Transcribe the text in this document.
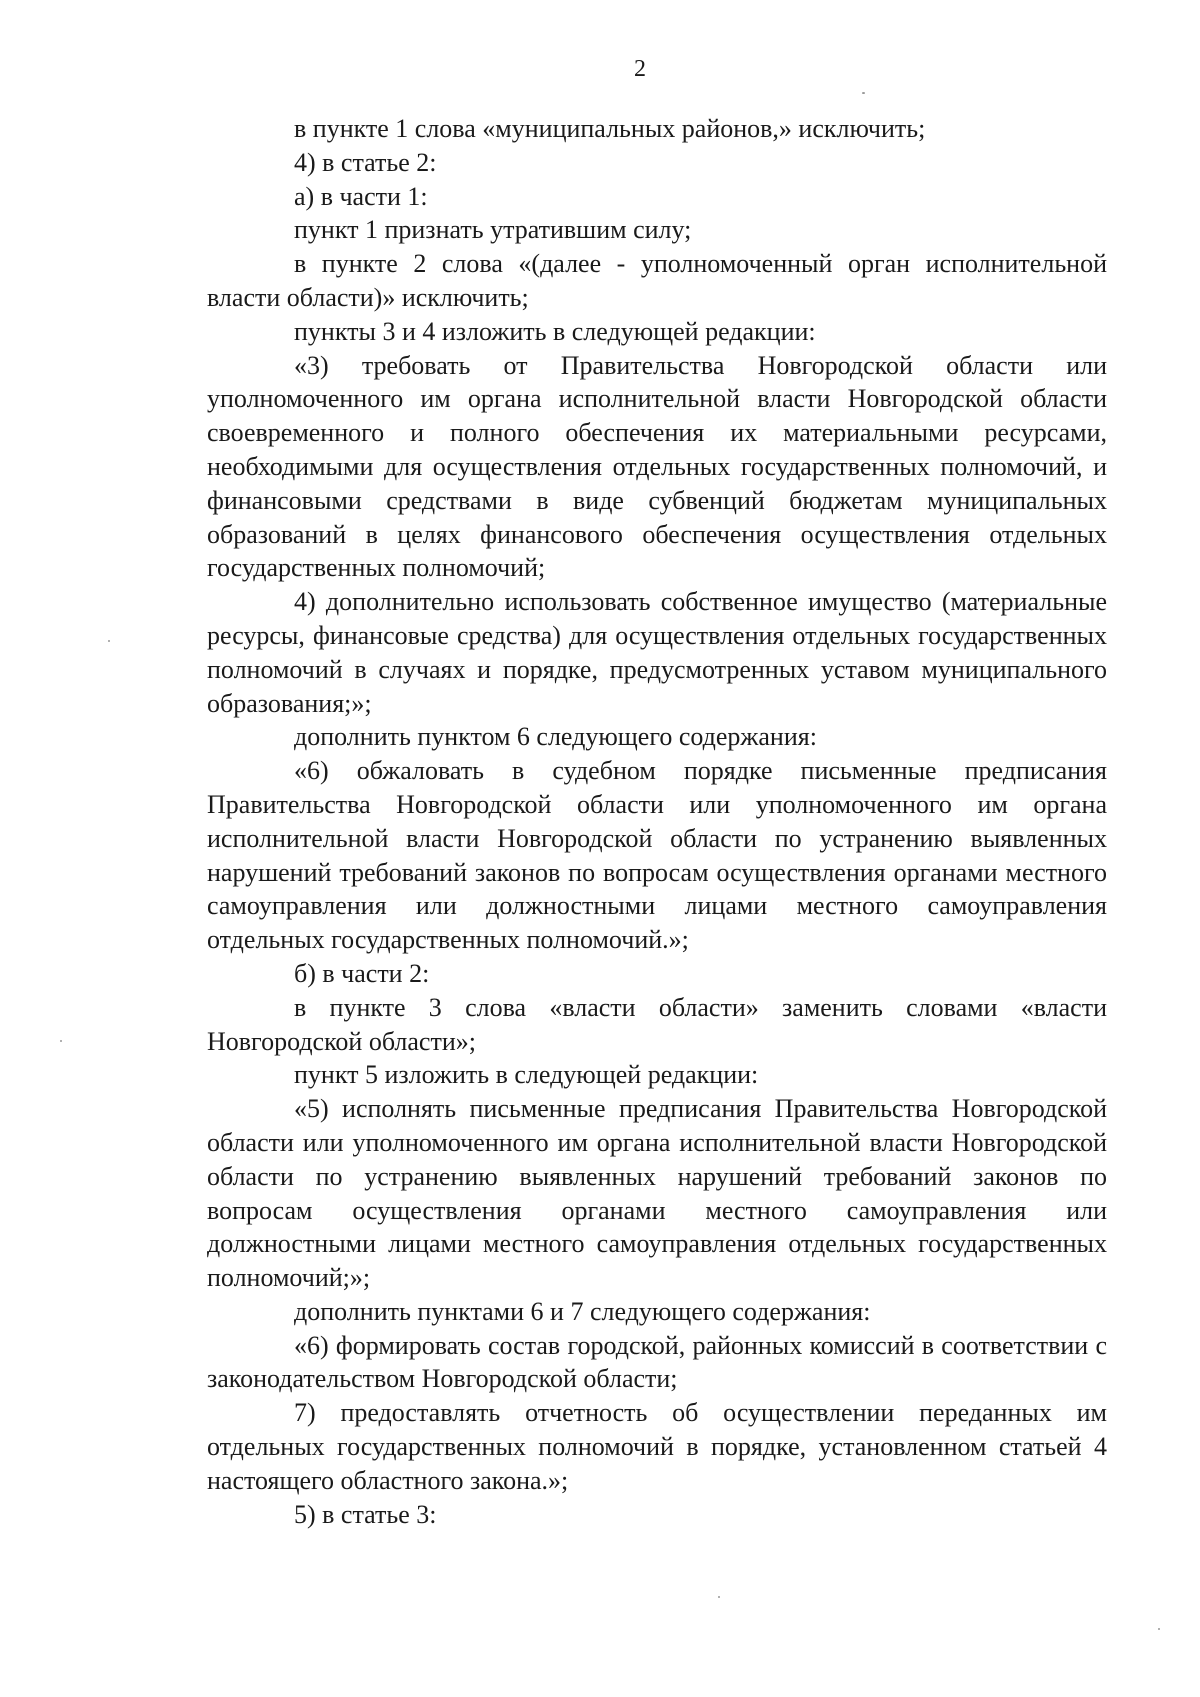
2

в пункте 1 слова «муниципальных районов,» исключить;

4) в статье 2:

а) в части 1:

пункт 1 признать утратившим силу;

в пункте 2 слова «(далее - уполномоченный орган исполнительной власти области)» исключить;

пункты 3 и 4 изложить в следующей редакции:

«3) требовать от Правительства Новгородской области или уполномоченного им органа исполнительной власти Новгородской области своевременного и полного обеспечения их материальными ресурсами, необходимыми для осуществления отдельных государственных полномочий, и финансовыми средствами в виде субвенций бюджетам муниципальных образований в целях финансового обеспечения осуществления отдельных государственных полномочий;

4) дополнительно использовать собственное имущество (материальные ресурсы, финансовые средства) для осуществления отдельных государственных полномочий в случаях и порядке, предусмотренных уставом муниципального образования;»;

дополнить пунктом 6 следующего содержания:

«6) обжаловать в судебном порядке письменные предписания Правительства Новгородской области или уполномоченного им органа исполнительной власти Новгородской области по устранению выявленных нарушений требований законов по вопросам осуществления органами местного самоуправления или должностными лицами местного самоуправления отдельных государственных полномочий.»;

б) в части 2:

в пункте 3 слова «власти области» заменить словами «власти Новгородской области»;

пункт 5 изложить в следующей редакции:

«5) исполнять письменные предписания Правительства Новгородской области или уполномоченного им органа исполнительной власти Новгородской области по устранению выявленных нарушений требований законов по вопросам осуществления органами местного самоуправления или должностными лицами местного самоуправления отдельных государственных полномочий;»;

дополнить пунктами 6 и 7 следующего содержания:

«6) формировать состав городской, районных комиссий в соответствии с законодательством Новгородской области;

7) предоставлять отчетность об осуществлении переданных им отдельных государственных полномочий в порядке, установленном статьей 4 настоящего областного закона.»;

5) в статье 3:
